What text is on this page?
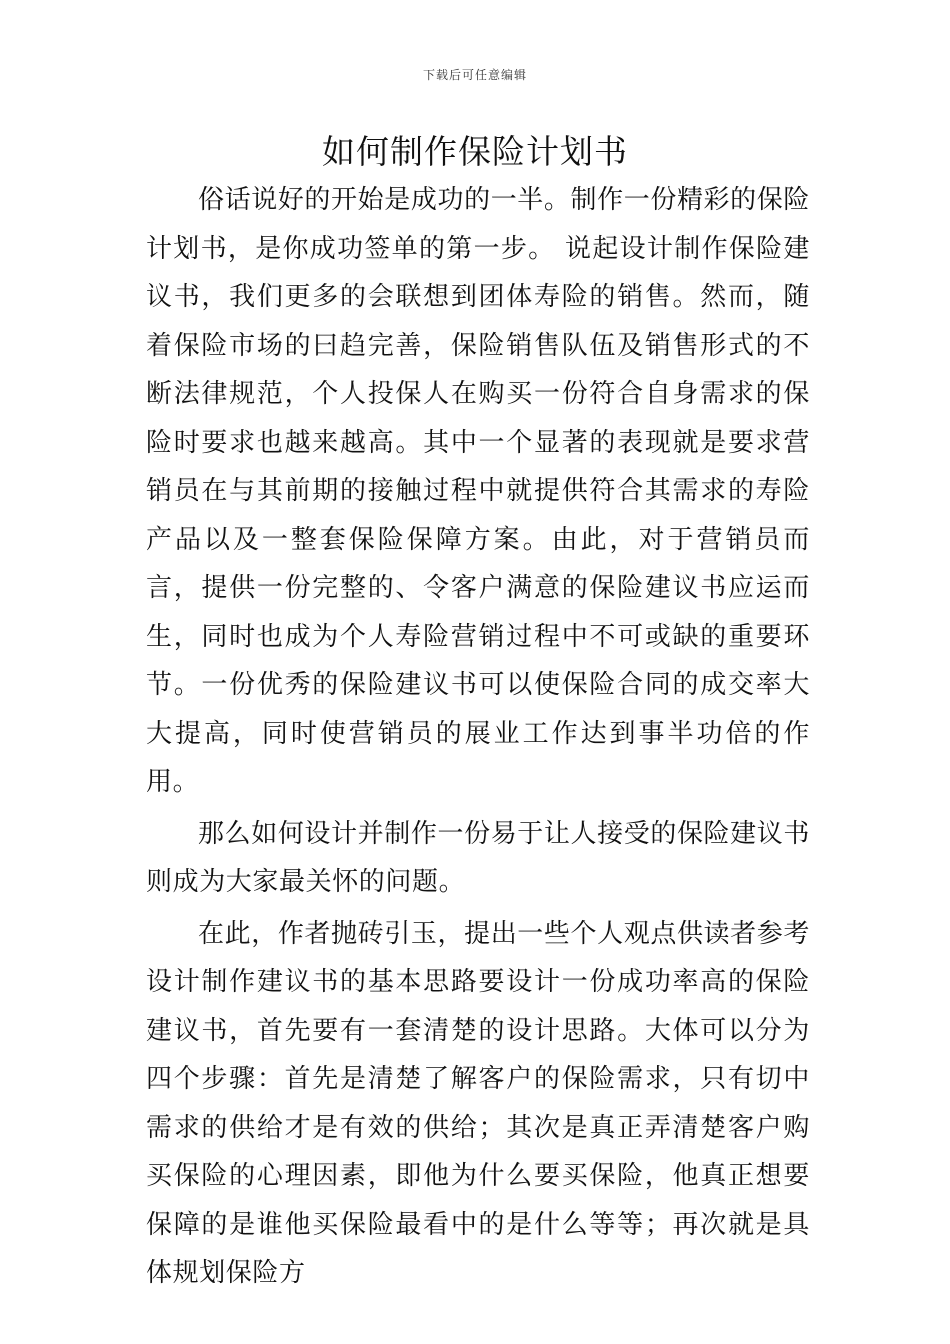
下载后可任意编辑
如何制作保险计划书

俗话说好的开始是成功的一半。制作一份精彩的保险计划书，是你成功签单的第一步。 说起设计制作保险建议书，我们更多的会联想到团体寿险的销售。然而，随着保险市场的曰趋完善，保险销售队伍及销售形式的不断法律规范，个人投保人在购买一份符合自身需求的保险时要求也越来越高。其中一个显著的表现就是要求营销员在与其前期的接触过程中就提供符合其需求的寿险产品以及一整套保险保障方案。由此，对于营销员而言，提供一份完整的、令客户满意的保险建议书应运而生，同时也成为个人寿险营销过程中不可或缺的重要环节。一份优秀的保险建议书可以使保险合同的成交率大大提高，同时使营销员的展业工作达到事半功倍的作用。

那么如何设计并制作一份易于让人接受的保险建议书则成为大家最关怀的问题。

在此，作者抛砖引玉，提出一些个人观点供读者参考设计制作建议书的基本思路要设计一份成功率高的保险建议书，首先要有一套清楚的设计思路。大体可以分为四个步骤：首先是清楚了解客户的保险需求，只有切中需求的供给才是有效的供给；其次是真正弄清楚客户购买保险的心理因素，即他为什么要买保险，他真正想要保障的是谁他买保险最看中的是什么等等；再次就是具体规划保险方
